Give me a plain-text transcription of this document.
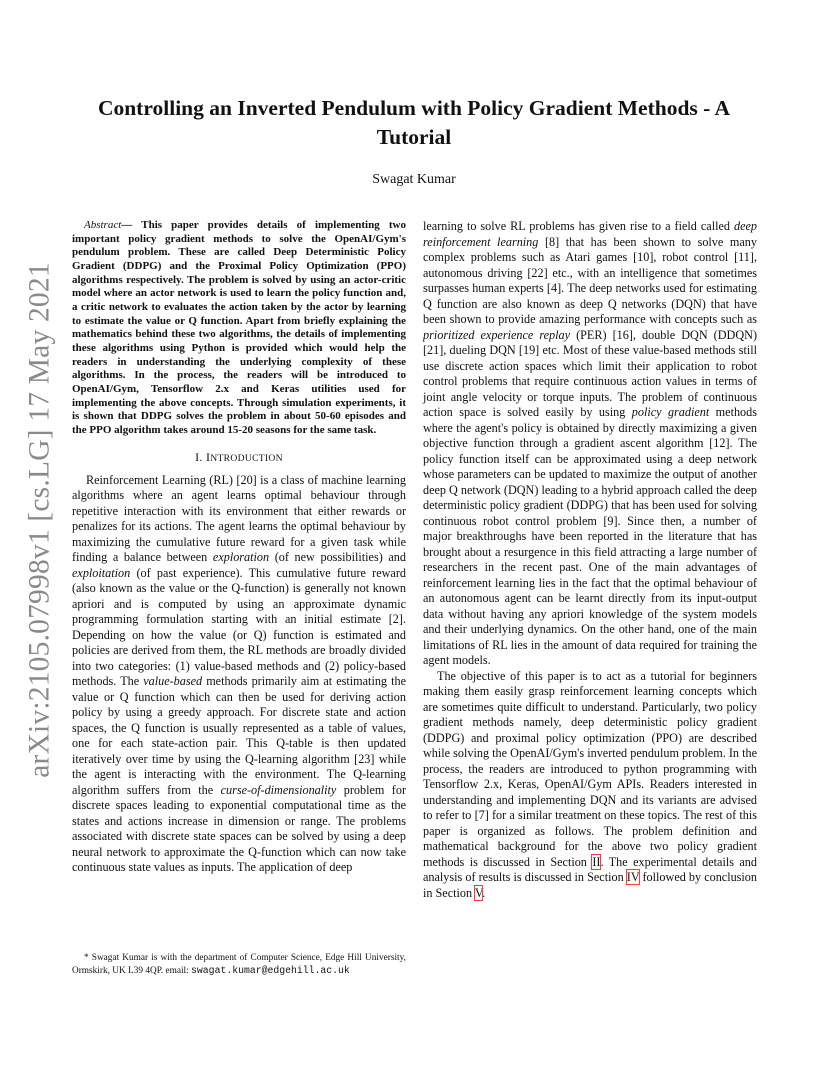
arXiv:2105.07998v1 [cs.LG] 17 May 2021
Controlling an Inverted Pendulum with Policy Gradient Methods - A Tutorial

Swagat Kumar

Abstract— This paper provides details of implementing two important policy gradient methods to solve the OpenAI/Gym's pendulum problem. These are called Deep Deterministic Policy Gradient (DDPG) and the Proximal Policy Optimization (PPO) algorithms respectively. The problem is solved by using an actor-critic model where an actor network is used to learn the policy function and, a critic network to evaluates the action taken by the actor by learning to estimate the value or Q function. Apart from briefly explaining the mathematics behind these two algorithms, the details of implementing these algorithms using Python is provided which would help the readers in understanding the underlying complexity of these algorithms. In the process, the readers will be introduced to OpenAI/Gym, Tensorflow 2.x and Keras utilities used for implementing the above concepts. Through simulation experiments, it is shown that DDPG solves the problem in about 50-60 episodes and the PPO algorithm takes around 15-20 seasons for the same task.

I. INTRODUCTION

Reinforcement Learning (RL) [20] is a class of machine learning algorithms where an agent learns optimal behaviour through repetitive interaction with its environment that either rewards or penalizes for its actions. The agent learns the optimal behaviour by maximizing the cumulative future reward for a given task while finding a balance between exploration (of new possibilities) and exploitation (of past experience). This cumulative future reward (also known as the value or the Q-function) is generally not known apriori and is computed by using an approximate dynamic programming formulation starting with an initial estimate [2]. Depending on how the value (or Q) function is estimated and policies are derived from them, the RL methods are broadly divided into two categories: (1) value-based methods and (2) policy-based methods. The value-based methods primarily aim at estimating the value or Q function which can then be used for deriving action policy by using a greedy approach. For discrete state and action spaces, the Q function is usually represented as a table of values, one for each state-action pair. This Q-table is then updated iteratively over time by using the Q-learning algorithm [23] while the agent is interacting with the environment. The Q-learning algorithm suffers from the curse-of-dimensionality problem for discrete spaces leading to exponential computational time as the states and actions increase in dimension or range. The problems associated with discrete state spaces can be solved by using a deep neural network to approximate the Q-function which can now take continuous state values as inputs. The application of deep

* Swagat Kumar is with the department of Computer Science, Edge Hill University, Ormskirk, UK L39 4QP. email: swagat.kumar@edgehill.ac.uk

learning to solve RL problems has given rise to a field called deep reinforcement learning [8] that has been shown to solve many complex problems such as Atari games [10], robot control [11], autonomous driving [22] etc., with an intelligence that sometimes surpasses human experts [4]. The deep networks used for estimating Q function are also known as deep Q networks (DQN) that have been shown to provide amazing performance with concepts such as prioritized experience replay (PER) [16], double DQN (DDQN) [21], dueling DQN [19] etc. Most of these value-based methods still use discrete action spaces which limit their application to robot control problems that require continuous action values in terms of joint angle velocity or torque inputs. The problem of continuous action space is solved easily by using policy gradient methods where the agent's policy is obtained by directly maximizing a given objective function through a gradient ascent algorithm [12]. The policy function itself can be approximated using a deep network whose parameters can be updated to maximize the output of another deep Q network (DQN) leading to a hybrid approach called the deep deterministic policy gradient (DDPG) that has been used for solving continuous robot control problem [9]. Since then, a number of major breakthroughs have been reported in the literature that has brought about a resurgence in this field attracting a large number of researchers in the recent past. One of the main advantages of reinforcement learning lies in the fact that the optimal behaviour of an autonomous agent can be learnt directly from its input-output data without having any apriori knowledge of the system models and their underlying dynamics. On the other hand, one of the main limitations of RL lies in the amount of data required for training the agent models.

The objective of this paper is to act as a tutorial for beginners making them easily grasp reinforcement learning concepts which are sometimes quite difficult to understand. Particularly, two policy gradient methods namely, deep deterministic policy gradient (DDPG) and proximal policy optimization (PPO) are described while solving the OpenAI/Gym's inverted pendulum problem. In the process, the readers are introduced to python programming with Tensorflow 2.x, Keras, OpenAI/Gym APIs. Readers interested in understanding and implementing DQN and its variants are advised to refer to [7] for a similar treatment on these topics. The rest of this paper is organized as follows. The problem definition and mathematical background for the above two policy gradient methods is discussed in Section II. The experimental details and analysis of results is discussed in Section IV followed by conclusion in Section V.
